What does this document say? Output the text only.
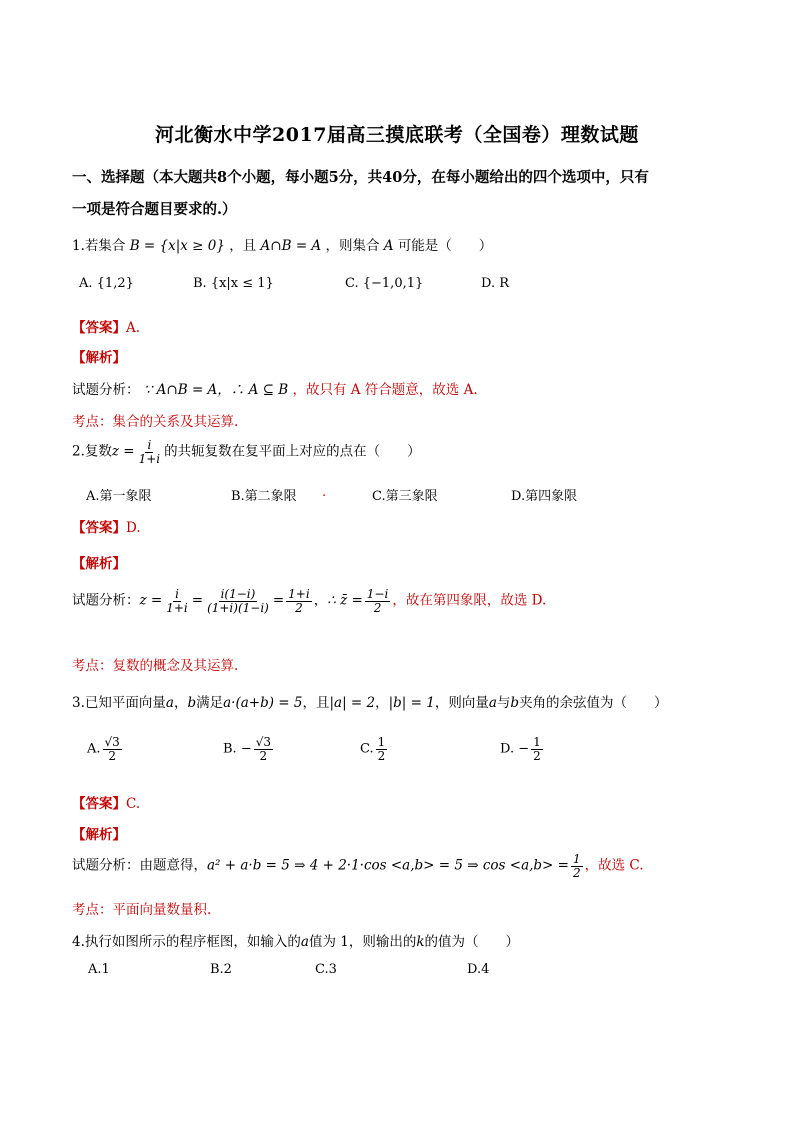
河北衡水中学2017届高三摸底联考（全国卷）理数试题
一、选择题（本大题共8个小题，每小题5分，共40分，在每小题给出的四个选项中，只有
一项是符合题目要求的.）
1.若集合 B = {x|x ≥ 0} ，且 A∩B = A ，则集合 A 可能是（　　）
A. {1,2}	B. {x|x ≤ 1}	C. {−1,0,1}	D. R
【答案】A.
【解析】
试题分析： ∵ A∩B = A，∴ A ⊆ B ，故只有 A 符合题意，故选 A.
考点：集合的关系及其运算.
2.复数$z = \frac{i}{1+i}$ 的共轭复数在复平面上对应的点在（　　）
A.第一象限	B.第二象限 .	C.第三象限	D.第四象限
【答案】D.
【解析】
试题分析：$z = \frac{i}{1+i} = \frac{i(1-i)}{(1+i)(1-i)} = \frac{1+i}{2}$ ，∴ z̄ = $\frac{1-i}{2}$ ，故在第四象限，故选 D.
考点：复数的概念及其运算.
3.已知平面向量a，b满足a·(a+b) = 5，且|a| = 2，|b| = 1，则向量a与b夹角的余弦值为（　　）
A. $\frac{√3}{2}$	B. − $\frac{√3}{2}$	C. $\frac{1}{2}$	D. − $\frac{1}{2}$
【答案】C.
【解析】
试题分析：由题意得，a² + a·b = 5 ⇒ 4 + 2·1·cos <a,b> = 5 ⇒ $\cos <a,b> = \frac{1}{2}$ ，故选 C.
考点：平面向量数量积.
4.执行如图所示的程序框图，如输入的a值为 1，则输出的k的值为（　　）
A.1	B.2	C.3	D.4
